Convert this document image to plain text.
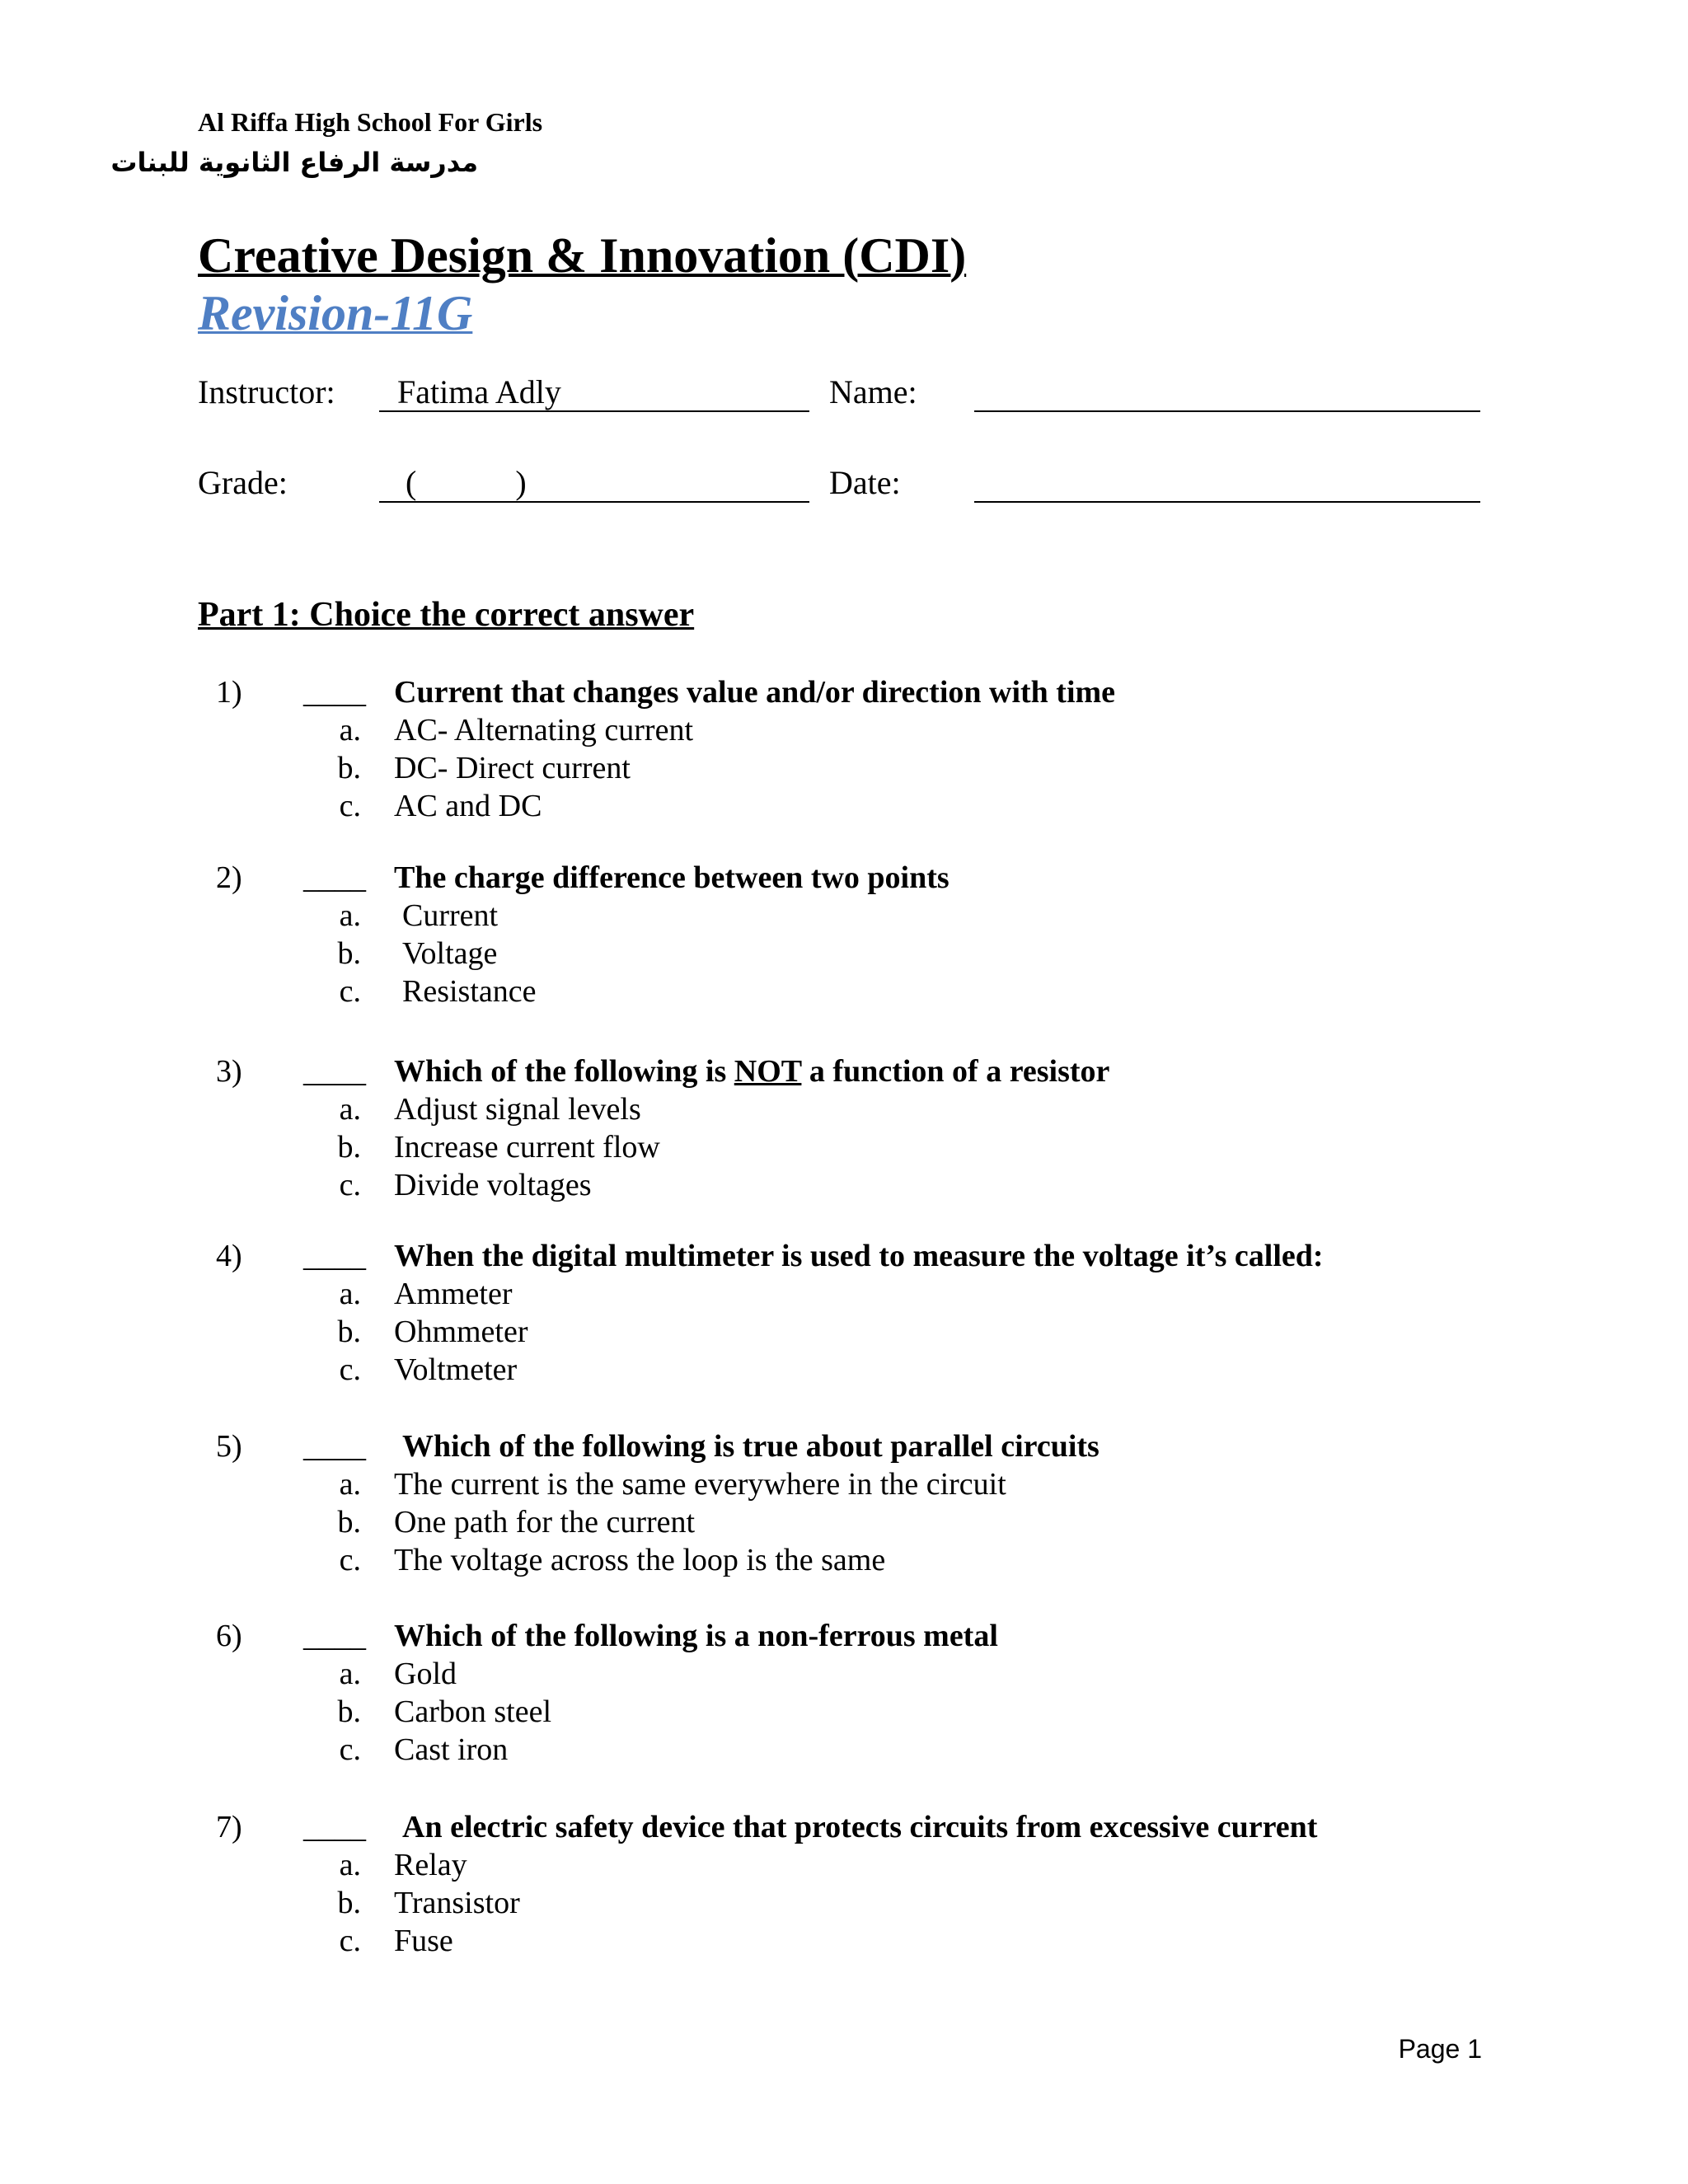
Al Riffa High School For Girls
مدرسة الرفاع الثانوية للبنات
Creative Design & Innovation (CDI)
Revision-11G
Instructor: Fatima Adly	Name:
Grade:	(            )	Date:
Part 1: Choice the correct answer
1) ____ Current that changes value and/or direction with time
a. AC- Alternating current
b. DC- Direct current
c. AC and DC
2) ____ The charge difference between two points
a. Current
b. Voltage
c. Resistance
3) ____ Which of the following is NOT a function of a resistor
a. Adjust signal levels
b. Increase current flow
c. Divide voltages
4) ____ When the digital multimeter is used to measure the voltage it’s called:
a. Ammeter
b. Ohmmeter
c. Voltmeter
5) ____ Which of the following is true about parallel circuits
a. The current is the same everywhere in the circuit
b. One path for the current
c. The voltage across the loop is the same
6) ____ Which of the following is a non-ferrous metal
a. Gold
b. Carbon steel
c. Cast iron
7) ____ An electric safety device that protects circuits from excessive current
a. Relay
b. Transistor
c. Fuse
Page 1
